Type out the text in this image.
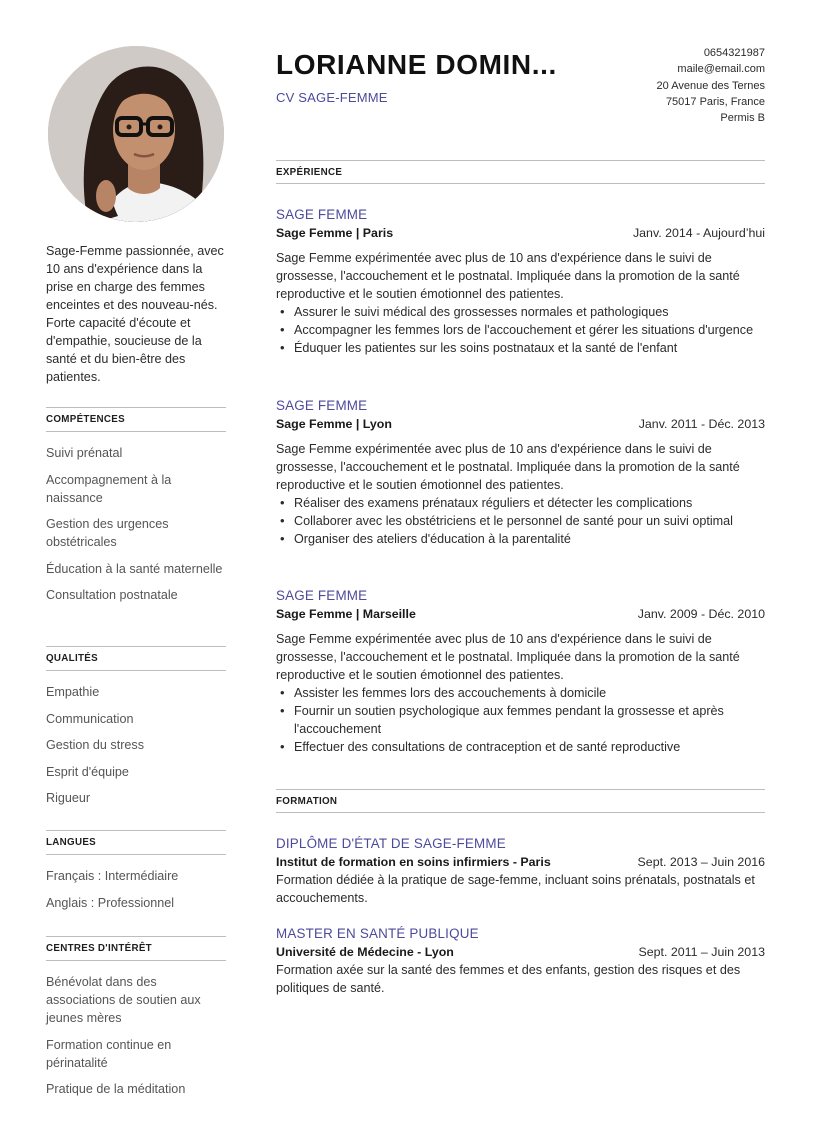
Sage-Femme passionnée, avec 10 ans d'expérience dans la prise en charge des femmes enceintes et des nouveau-nés. Forte capacité d'écoute et d'empathie, soucieuse de la santé et du bien-être des patientes.

COMPÉTENCES
Suivi prénatal
Accompagnement à la naissance
Gestion des urgences obstétricales
Éducation à la santé maternelle
Consultation postnatale
QUALITÉS
Empathie
Communication
Gestion du stress
Esprit d'équipe
Rigueur
LANGUES
Français : Intermédiaire
Anglais : Professionnel
CENTRES D'INTÉRÊT
Bénévolat dans des associations de soutien aux jeunes mères
Formation continue en périnatalité
Pratique de la méditation
LORIANNE DOMIN...
CV SAGE-FEMME
0654321987
maile@email.com
20 Avenue des Ternes
75017 Paris, France
Permis B
EXPÉRIENCE
SAGE FEMME
Sage Femme | Paris	Janv. 2014 - Aujourd’hui

Sage Femme expérimentée avec plus de 10 ans d'expérience dans le suivi de grossesse, l'accouchement et le postnatal. Impliquée dans la promotion de la santé reproductive et le soutien émotionnel des patientes.

• Assurer le suivi médical des grossesses normales et pathologiques
• Accompagner les femmes lors de l'accouchement et gérer les situations d'urgence
• Éduquer les patientes sur les soins postnataux et la santé de l'enfant
SAGE FEMME
Sage Femme | Lyon	Janv. 2011 - Déc. 2013

Sage Femme expérimentée avec plus de 10 ans d'expérience dans le suivi de grossesse, l'accouchement et le postnatal. Impliquée dans la promotion de la santé reproductive et le soutien émotionnel des patientes.

• Réaliser des examens prénataux réguliers et détecter les complications
• Collaborer avec les obstétriciens et le personnel de santé pour un suivi optimal
• Organiser des ateliers d'éducation à la parentalité
SAGE FEMME
Sage Femme | Marseille	Janv. 2009 - Déc. 2010

Sage Femme expérimentée avec plus de 10 ans d'expérience dans le suivi de grossesse, l'accouchement et le postnatal. Impliquée dans la promotion de la santé reproductive et le soutien émotionnel des patientes.

• Assister les femmes lors des accouchements à domicile
• Fournir un soutien psychologique aux femmes pendant la grossesse et après l'accouchement
• Effectuer des consultations de contraception et de santé reproductive
FORMATION
DIPLÔME D'ÉTAT DE SAGE-FEMME
Institut de formation en soins infirmiers - Paris	Sept. 2013 – Juin 2016

Formation dédiée à la pratique de sage-femme, incluant soins prénatals, postnatals et accouchements.

MASTER EN SANTÉ PUBLIQUE
Université de Médecine - Lyon	Sept. 2011 – Juin 2013

Formation axée sur la santé des femmes et des enfants, gestion des risques et des politiques de santé.
